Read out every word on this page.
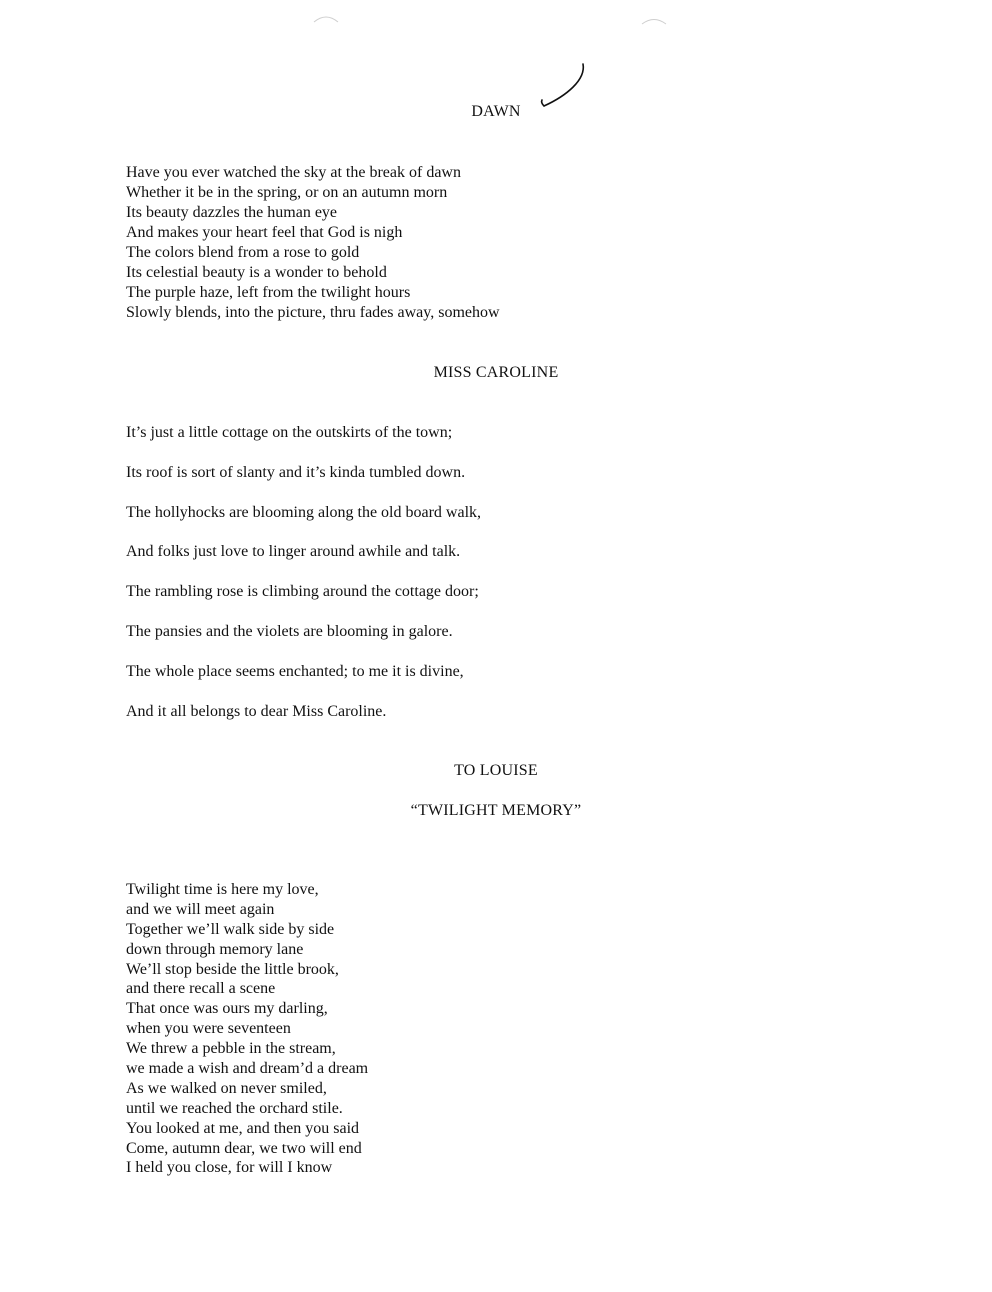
DAWN
Have you ever watched the sky at the break of dawn
Whether it be in the spring, or on an autumn morn
Its beauty dazzles the human eye
And makes your heart feel that God is nigh
The colors blend from a rose to gold
Its celestial beauty is a wonder to behold
The purple haze, left from the twilight hours
Slowly blends, into the picture, thru fades away, somehow
MISS CAROLINE
It’s just a little cottage on the outskirts of the town;
Its roof is sort of slanty and it’s kinda tumbled down.
The hollyhocks are blooming along the old board walk,
And folks just love to linger around awhile and talk.
The rambling rose is climbing around the cottage door;
The pansies and the violets are blooming in galore.
The whole place seems enchanted; to me it is divine,
And it all belongs to dear Miss Caroline.
TO LOUISE
“TWILIGHT MEMORY”
Twilight time is here my love,
and we will meet again
Together we’ll walk side by side
down through memory lane
We’ll stop beside the little brook,
and there recall a scene
That once was ours my darling,
when you were seventeen
We threw a pebble in the stream,
we made a wish and dream’d a dream
As we walked on never smiled,
until we reached the orchard stile.
You looked at me, and then you said
Come, autumn dear, we two will end
I held you close, for will I know
